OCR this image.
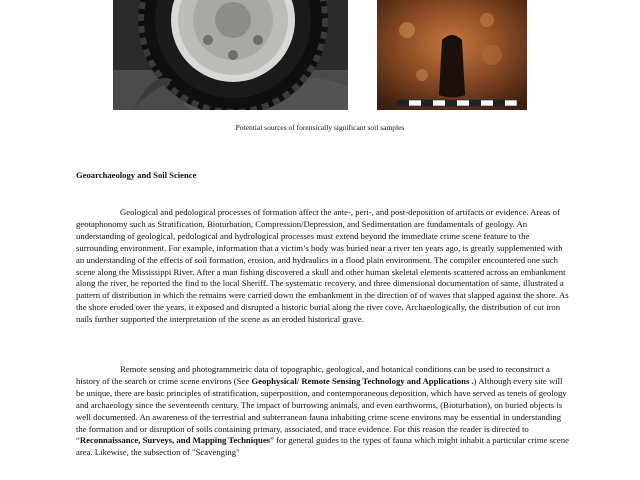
Potential sources of forensically significant soil samples
Geoarchaeology and Soil Science

Geological and pedological processes of formation affect the ante-, peri-, and post-deposition of artifacts or evidence. Areas of geotaphonomy such as Stratification, Bioturbation, Compression/Depression, and Sedimentation are fundamentals of geology. An understanding of geological, pedological and hydrological processes must extend beyond the immediate crime scene feature to the surrounding environment. For example, information that a victim’s body was buried near a river ten years ago, is greatly supplemented with an understanding of the effects of soil formation, erosion, and hydraulics in a flood plain environment. The compiler encountered one such scene along the Mississippi River. After a man fishing discovered a skull and other human skeletal elements scattered across an embankment along the river, he reported the find to the local Sheriff. The systematic recovery, and three dimensional documentation of same, illustrated a pattern of distribution in which the remains were carried down the embankment in the direction of of waves that slapped against the shore. As the shore eroded over the years, it exposed and disrupted a historic burial along the river cove. Archaeologically, the distribution of cut iron nails further supported the interpretation of the scene as an eroded historical grave.

Remote sensing and photogrammetric data of topographic, geological, and botanical conditions can be used to reconstruct a history of the search or crime scene environs (See Geophysical/ Remote Sensing Technology and Applications .) Although every site will be unique, there are basic principles of stratification, superposition, and contemporaneous deposition, which have served as tenets of geology and archaeology since the seventeenth century. The impact of burrowing animals, and even earthworms, (Bioturbation), on buried objects is well documented. An awareness of the terrestrial and subterranean fauna inhabiting crime scene environs may be essential in understanding the formation and or disruption of soils containing primary, associated, and trace evidence. For this reason the reader is directed to “Reconnaissance, Surveys, and Mapping Techniques” for general guides to the types of fauna which might inhabit a particular crime scene area. Likewise, the subsection of "Scavenging"
